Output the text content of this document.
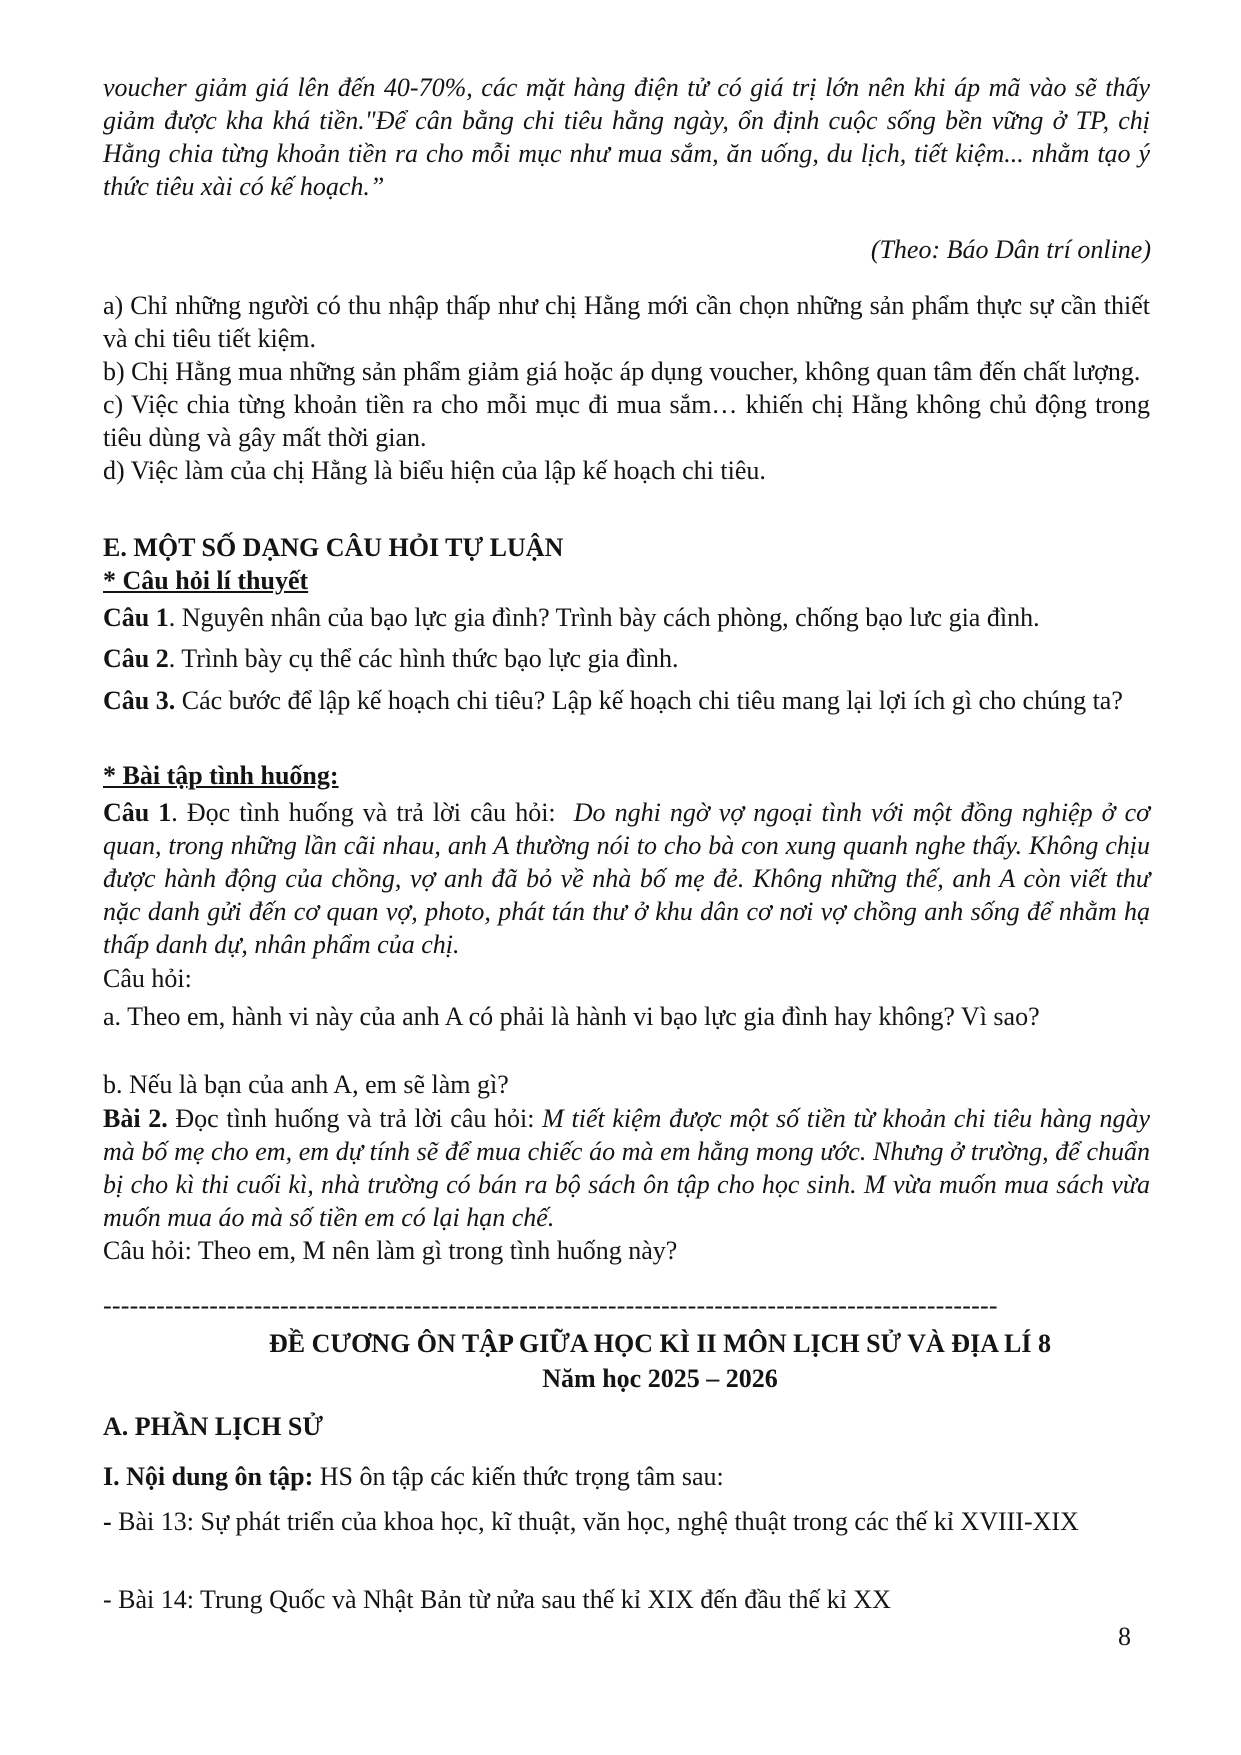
voucher giảm giá lên đến 40-70%, các mặt hàng điện tử có giá trị lớn nên khi áp mã vào sẽ thấy giảm được kha khá tiền."Để cân bằng chi tiêu hằng ngày, ổn định cuộc sống bền vững ở TP, chị Hằng chia từng khoản tiền ra cho mỗi mục như mua sắm, ăn uống, du lịch, tiết kiệm... nhằm tạo ý thức tiêu xài có kế hoạch.”

(Theo: Báo Dân trí online)

a) Chỉ những người có thu nhập thấp như chị Hằng mới cần chọn những sản phẩm thực sự cần thiết và chi tiêu tiết kiệm.

b) Chị Hằng mua những sản phẩm giảm giá hoặc áp dụng voucher, không quan tâm đến chất lượng.

c) Việc chia từng khoản tiền ra cho mỗi mục đi mua sắm… khiến chị Hằng không chủ động trong tiêu dùng và gây mất thời gian.

d) Việc làm của chị Hằng là biểu hiện của lập kế hoạch chi tiêu.

E. MỘT SỐ DẠNG CÂU HỎI TỰ LUẬN

* Câu hỏi lí thuyết

Câu 1. Nguyên nhân của bạo lực gia đình? Trình bày cách phòng, chống bạo lưc gia đình.

Câu 2. Trình bày cụ thể các hình thức bạo lực gia đình.

Câu 3. Các bước để lập kế hoạch chi tiêu? Lập kế hoạch chi tiêu mang lại lợi ích gì cho chúng ta?

* Bài tập tình huống:

Câu 1. Đọc tình huống và trả lời câu hỏi: Do nghi ngờ vợ ngoại tình với một đồng nghiệp ở cơ quan, trong những lần cãi nhau, anh A thường nói to cho bà con xung quanh nghe thấy. Không chịu được hành động của chồng, vợ anh đã bỏ về nhà bố mẹ đẻ. Không những thế, anh A còn viết thư nặc danh gửi đến cơ quan vợ, photo, phát tán thư ở khu dân cơ nơi vợ chồng anh sống để nhằm hạ thấp danh dự, nhân phẩm của chị.

Câu hỏi:

a. Theo em, hành vi này của anh A có phải là hành vi bạo lực gia đình hay không? Vì sao?

b. Nếu là bạn của anh A, em sẽ làm gì?

Bài 2. Đọc tình huống và trả lời câu hỏi: M tiết kiệm được một số tiền từ khoản chi tiêu hàng ngày mà bố mẹ cho em, em dự tính sẽ để mua chiếc áo mà em hằng mong ước. Nhưng ở trường, để chuẩn bị cho kì thi cuối kì, nhà trường có bán ra bộ sách ôn tập cho học sinh. M vừa muốn mua sách vừa muốn mua áo mà số tiền em có lại hạn chế.

Câu hỏi: Theo em, M nên làm gì trong tình huống này?

-----------------------------------------------------------------------------------------------------

ĐỀ CƯƠNG ÔN TẬP GIỮA HỌC KÌ II MÔN LỊCH SỬ VÀ ĐỊA LÍ 8

Năm học 2025 – 2026

A. PHẦN LỊCH SỬ

I. Nội dung ôn tập: HS ôn tập các kiến thức trọng tâm sau:

- Bài 13: Sự phát triển của khoa học, kĩ thuật, văn học, nghệ thuật trong các thế kỉ XVIII-XIX

- Bài 14: Trung Quốc và Nhật Bản từ nửa sau thế kỉ XIX đến đầu thế kỉ XX

8
